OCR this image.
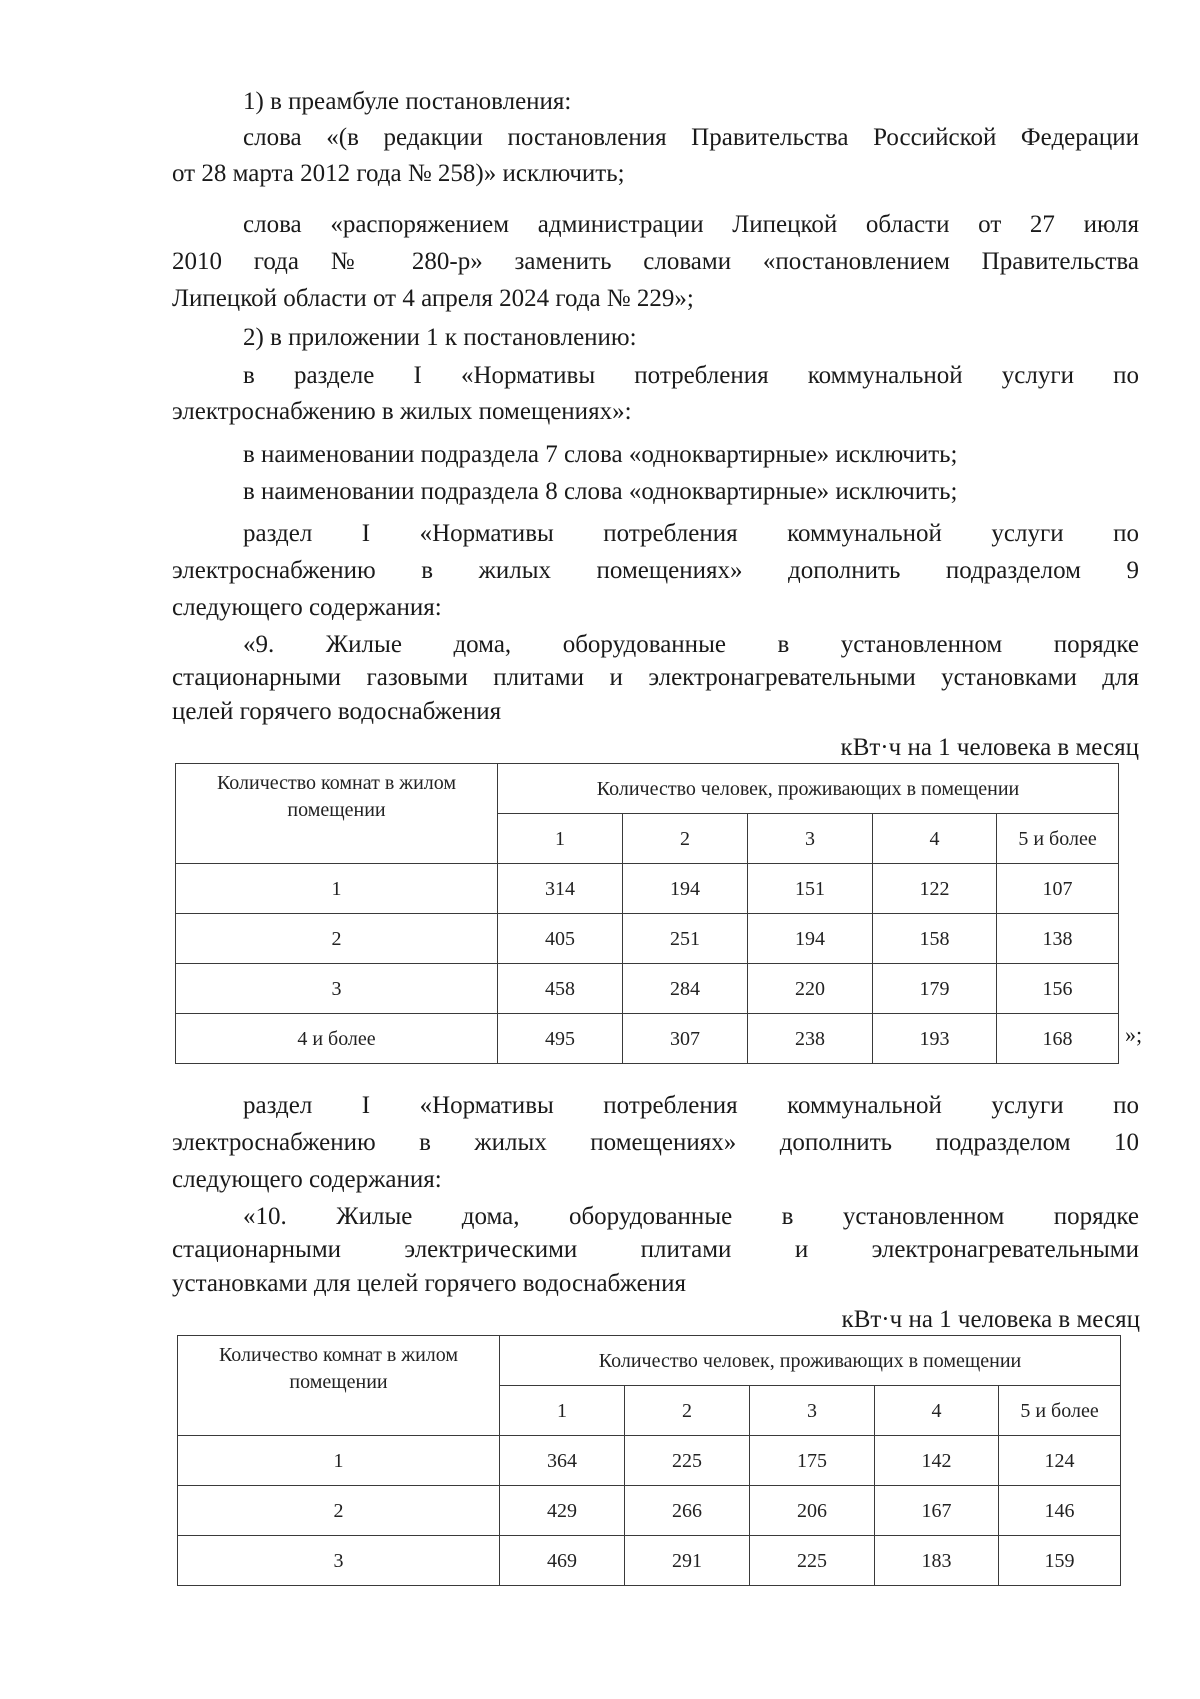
1) в преамбуле постановления:
слова «(в редакции постановления Правительства Российской Федерации
от 28 марта 2012 года № 258)» исключить;
слова «распоряжением администрации Липецкой области от 27 июля
2010 года № 280-р» заменить словами «постановлением Правительства
Липецкой области от 4 апреля 2024 года № 229»;
2) в приложении 1 к постановлению:
в разделе I «Нормативы потребления коммунальной услуги по
электроснабжению в жилых помещениях»:
в наименовании подраздела 7 слова «одноквартирные» исключить;
в наименовании подраздела 8 слова «одноквартирные» исключить;
раздел I «Нормативы потребления коммунальной услуги по
электроснабжению в жилых помещениях» дополнить подразделом 9
следующего содержания:
«9. Жилые дома, оборудованные в установленном порядке
стационарными газовыми плитами и электронагревательными установками для
целей горячего водоснабжения
кВт·ч на 1 человека в месяц
Количество комнат в жилом помещении	Количество человек, проживающих в помещении				
	1	2	3	4	5 и более
1	314	194	151	122	107
2	405	251	194	158	138
3	458	284	220	179	156
4 и более	495	307	238	193	168 »;
раздел I «Нормативы потребления коммунальной услуги по
электроснабжению в жилых помещениях» дополнить подразделом 10
следующего содержания:
«10. Жилые дома, оборудованные в установленном порядке
стационарными электрическими плитами и электронагревательными
установками для целей горячего водоснабжения
кВт·ч на 1 человека в месяц
Количество комнат в жилом помещении	Количество человек, проживающих в помещении				
	1	2	3	4	5 и более
1	364	225	175	142	124
2	429	266	206	167	146
3	469	291	225	183	159
